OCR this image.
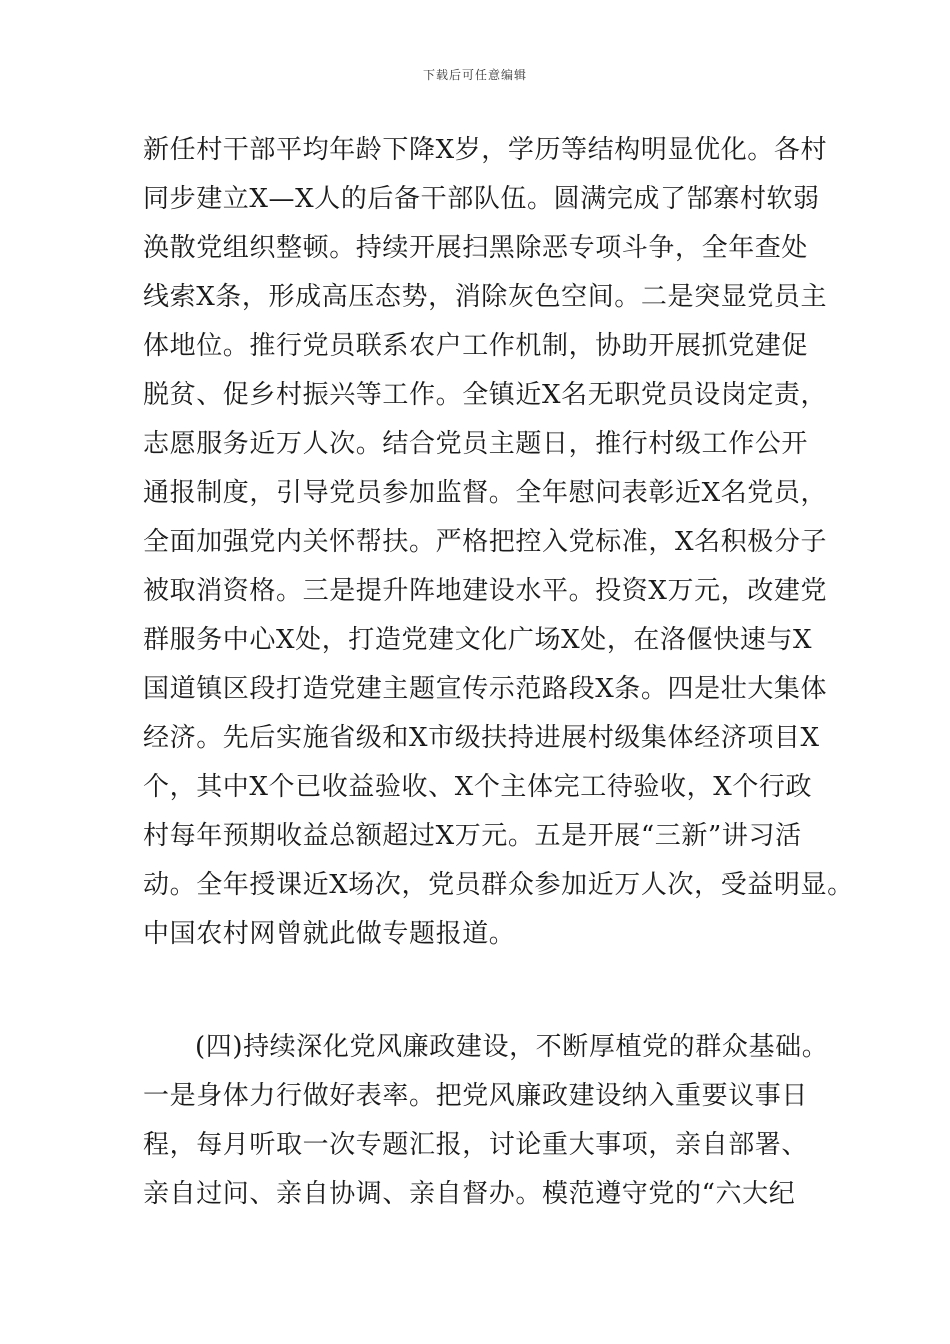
下载后可任意编辑
新任村干部平均年龄下降X岁，学历等结构明显优化。各村
同步建立X—X人的后备干部队伍。圆满完成了郜寨村软弱
涣散党组织整顿。持续开展扫黑除恶专项斗争，全年查处
线索X条，形成高压态势，消除灰色空间。二是突显党员主
体地位。推行党员联系农户工作机制，协助开展抓党建促
脱贫、促乡村振兴等工作。全镇近X名无职党员设岗定责，
志愿服务近万人次。结合党员主题日，推行村级工作公开
通报制度，引导党员参加监督。全年慰问表彰近X名党员，
全面加强党内关怀帮扶。严格把控入党标准，X名积极分子
被取消资格。三是提升阵地建设水平。投资X万元，改建党
群服务中心X处，打造党建文化广场X处，在洛偃快速与X
国道镇区段打造党建主题宣传示范路段X条。四是壮大集体
经济。先后实施省级和X市级扶持进展村级集体经济项目X
个，其中X个已收益验收、X个主体完工待验收，X个行政
村每年预期收益总额超过X万元。五是开展“三新”讲习活
动。全年授课近X场次，党员群众参加近万人次，受益明显。
中国农村网曾就此做专题报道。
(四)持续深化党风廉政建设，不断厚植党的群众基础。
一是身体力行做好表率。把党风廉政建设纳入重要议事日
程，每月听取一次专题汇报，讨论重大事项，亲自部署、
亲自过问、亲自协调、亲自督办。模范遵守党的“六大纪
